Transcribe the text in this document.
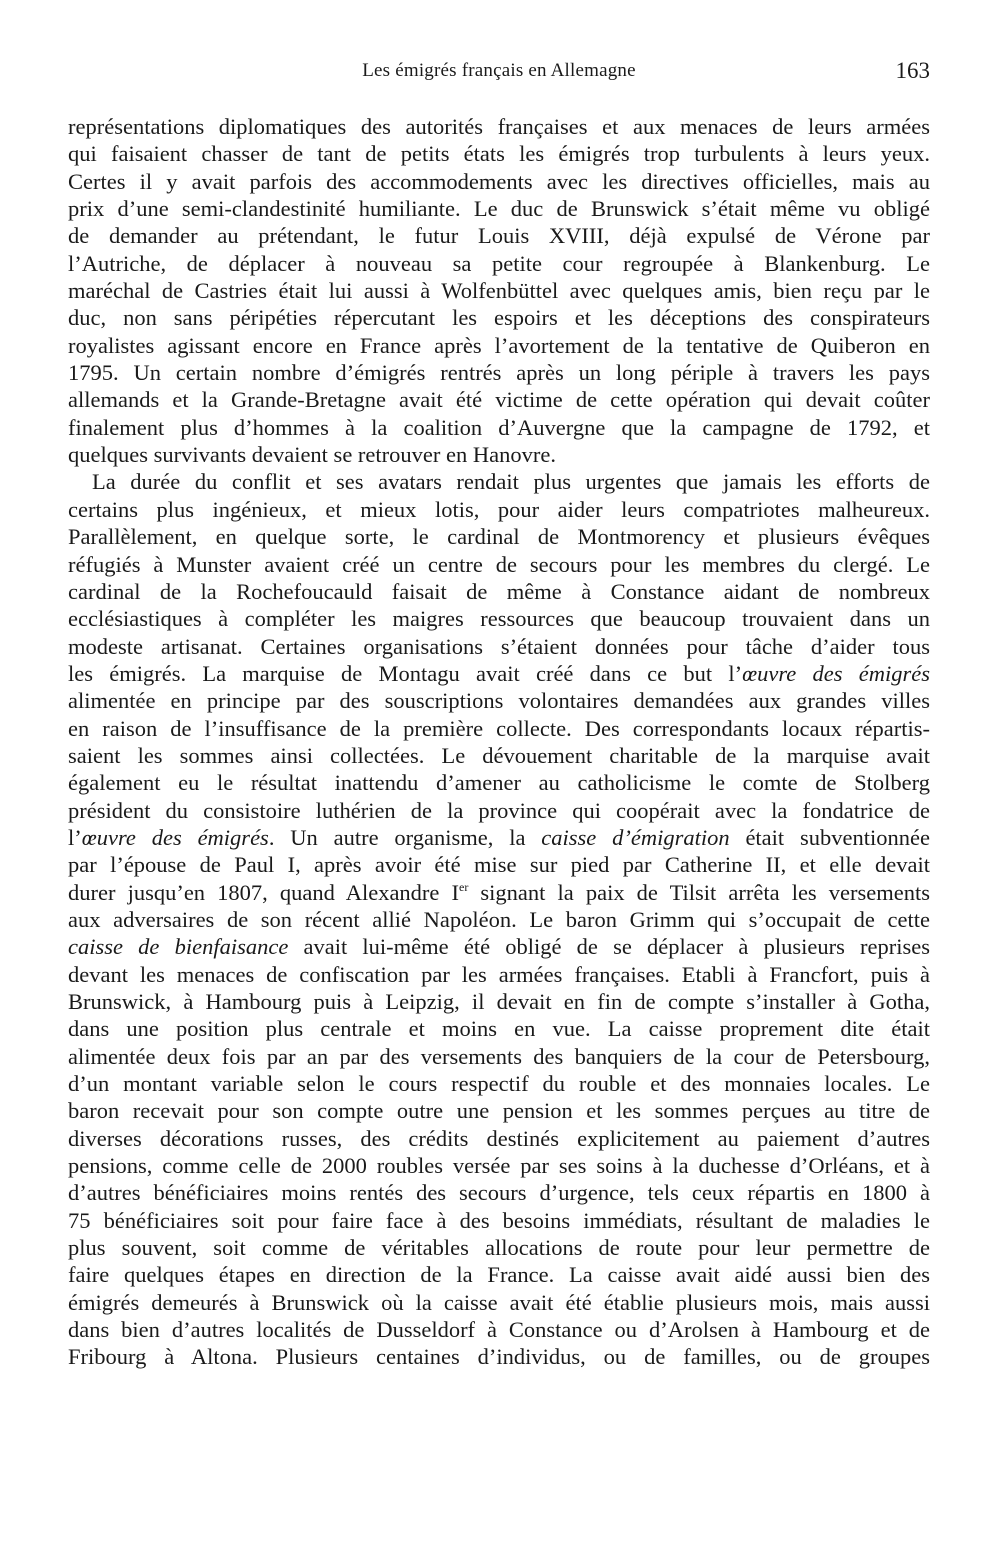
Les émigrés français en Allemagne	163
représentations diplomatiques des autorités françaises et aux menaces de leurs armées
qui faisaient chasser de tant de petits états les émigrés trop turbulents à leurs yeux.
Certes il y avait parfois des accommodements avec les directives officielles, mais au
prix d’une semi-clandestinité humiliante. Le duc de Brunswick s’était même vu obligé
de demander au prétendant, le futur Louis XVIII, déjà expulsé de Vérone par
l’Autriche, de déplacer à nouveau sa petite cour regroupée à Blankenburg. Le
maréchal de Castries était lui aussi à Wolfenbüttel avec quelques amis, bien reçu par le
duc, non sans péripéties répercutant les espoirs et les déceptions des conspirateurs
royalistes agissant encore en France après l’avortement de la tentative de Quiberon en
1795. Un certain nombre d’émigrés rentrés après un long périple à travers les pays
allemands et la Grande-Bretagne avait été victime de cette opération qui devait coûter
finalement plus d’hommes à la coalition d’Auvergne que la campagne de 1792, et
quelques survivants devaient se retrouver en Hanovre.
La durée du conflit et ses avatars rendait plus urgentes que jamais les efforts de
certains plus ingénieux, et mieux lotis, pour aider leurs compatriotes malheureux.
Parallèlement, en quelque sorte, le cardinal de Montmorency et plusieurs évêques
réfugiés à Munster avaient créé un centre de secours pour les membres du clergé. Le
cardinal de la Rochefoucauld faisait de même à Constance aidant de nombreux
ecclésiastiques à compléter les maigres ressources que beaucoup trouvaient dans un
modeste artisanat. Certaines organisations s’étaient données pour tâche d’aider tous
les émigrés. La marquise de Montagu avait créé dans ce but l’œuvre des émigrés
alimentée en principe par des souscriptions volontaires demandées aux grandes villes
en raison de l’insuffisance de la première collecte. Des correspondants locaux répartis-
saient les sommes ainsi collectées. Le dévouement charitable de la marquise avait
également eu le résultat inattendu d’amener au catholicisme le comte de Stolberg
président du consistoire luthérien de la province qui coopérait avec la fondatrice de
l’œuvre des émigrés. Un autre organisme, la caisse d’émigration était subventionnée
par l’épouse de Paul I, après avoir été mise sur pied par Catherine II, et elle devait
durer jusqu’en 1807, quand Alexandre Ier signant la paix de Tilsit arrêta les versements
aux adversaires de son récent allié Napoléon. Le baron Grimm qui s’occupait de cette
caisse de bienfaisance avait lui-même été obligé de se déplacer à plusieurs reprises
devant les menaces de confiscation par les armées françaises. Etabli à Francfort, puis à
Brunswick, à Hambourg puis à Leipzig, il devait en fin de compte s’installer à Gotha,
dans une position plus centrale et moins en vue. La caisse proprement dite était
alimentée deux fois par an par des versements des banquiers de la cour de Petersbourg,
d’un montant variable selon le cours respectif du rouble et des monnaies locales. Le
baron recevait pour son compte outre une pension et les sommes perçues au titre de
diverses décorations russes, des crédits destinés explicitement au paiement d’autres
pensions, comme celle de 2000 roubles versée par ses soins à la duchesse d’Orléans, et à
d’autres bénéficiaires moins rentés des secours d’urgence, tels ceux répartis en 1800 à
75 bénéficiaires soit pour faire face à des besoins immédiats, résultant de maladies le
plus souvent, soit comme de véritables allocations de route pour leur permettre de
faire quelques étapes en direction de la France. La caisse avait aidé aussi bien des
émigrés demeurés à Brunswick où la caisse avait été établie plusieurs mois, mais aussi
dans bien d’autres localités de Dusseldorf à Constance ou d’Arolsen à Hambourg et de
Fribourg à Altona. Plusieurs centaines d’individus, ou de familles, ou de groupes
